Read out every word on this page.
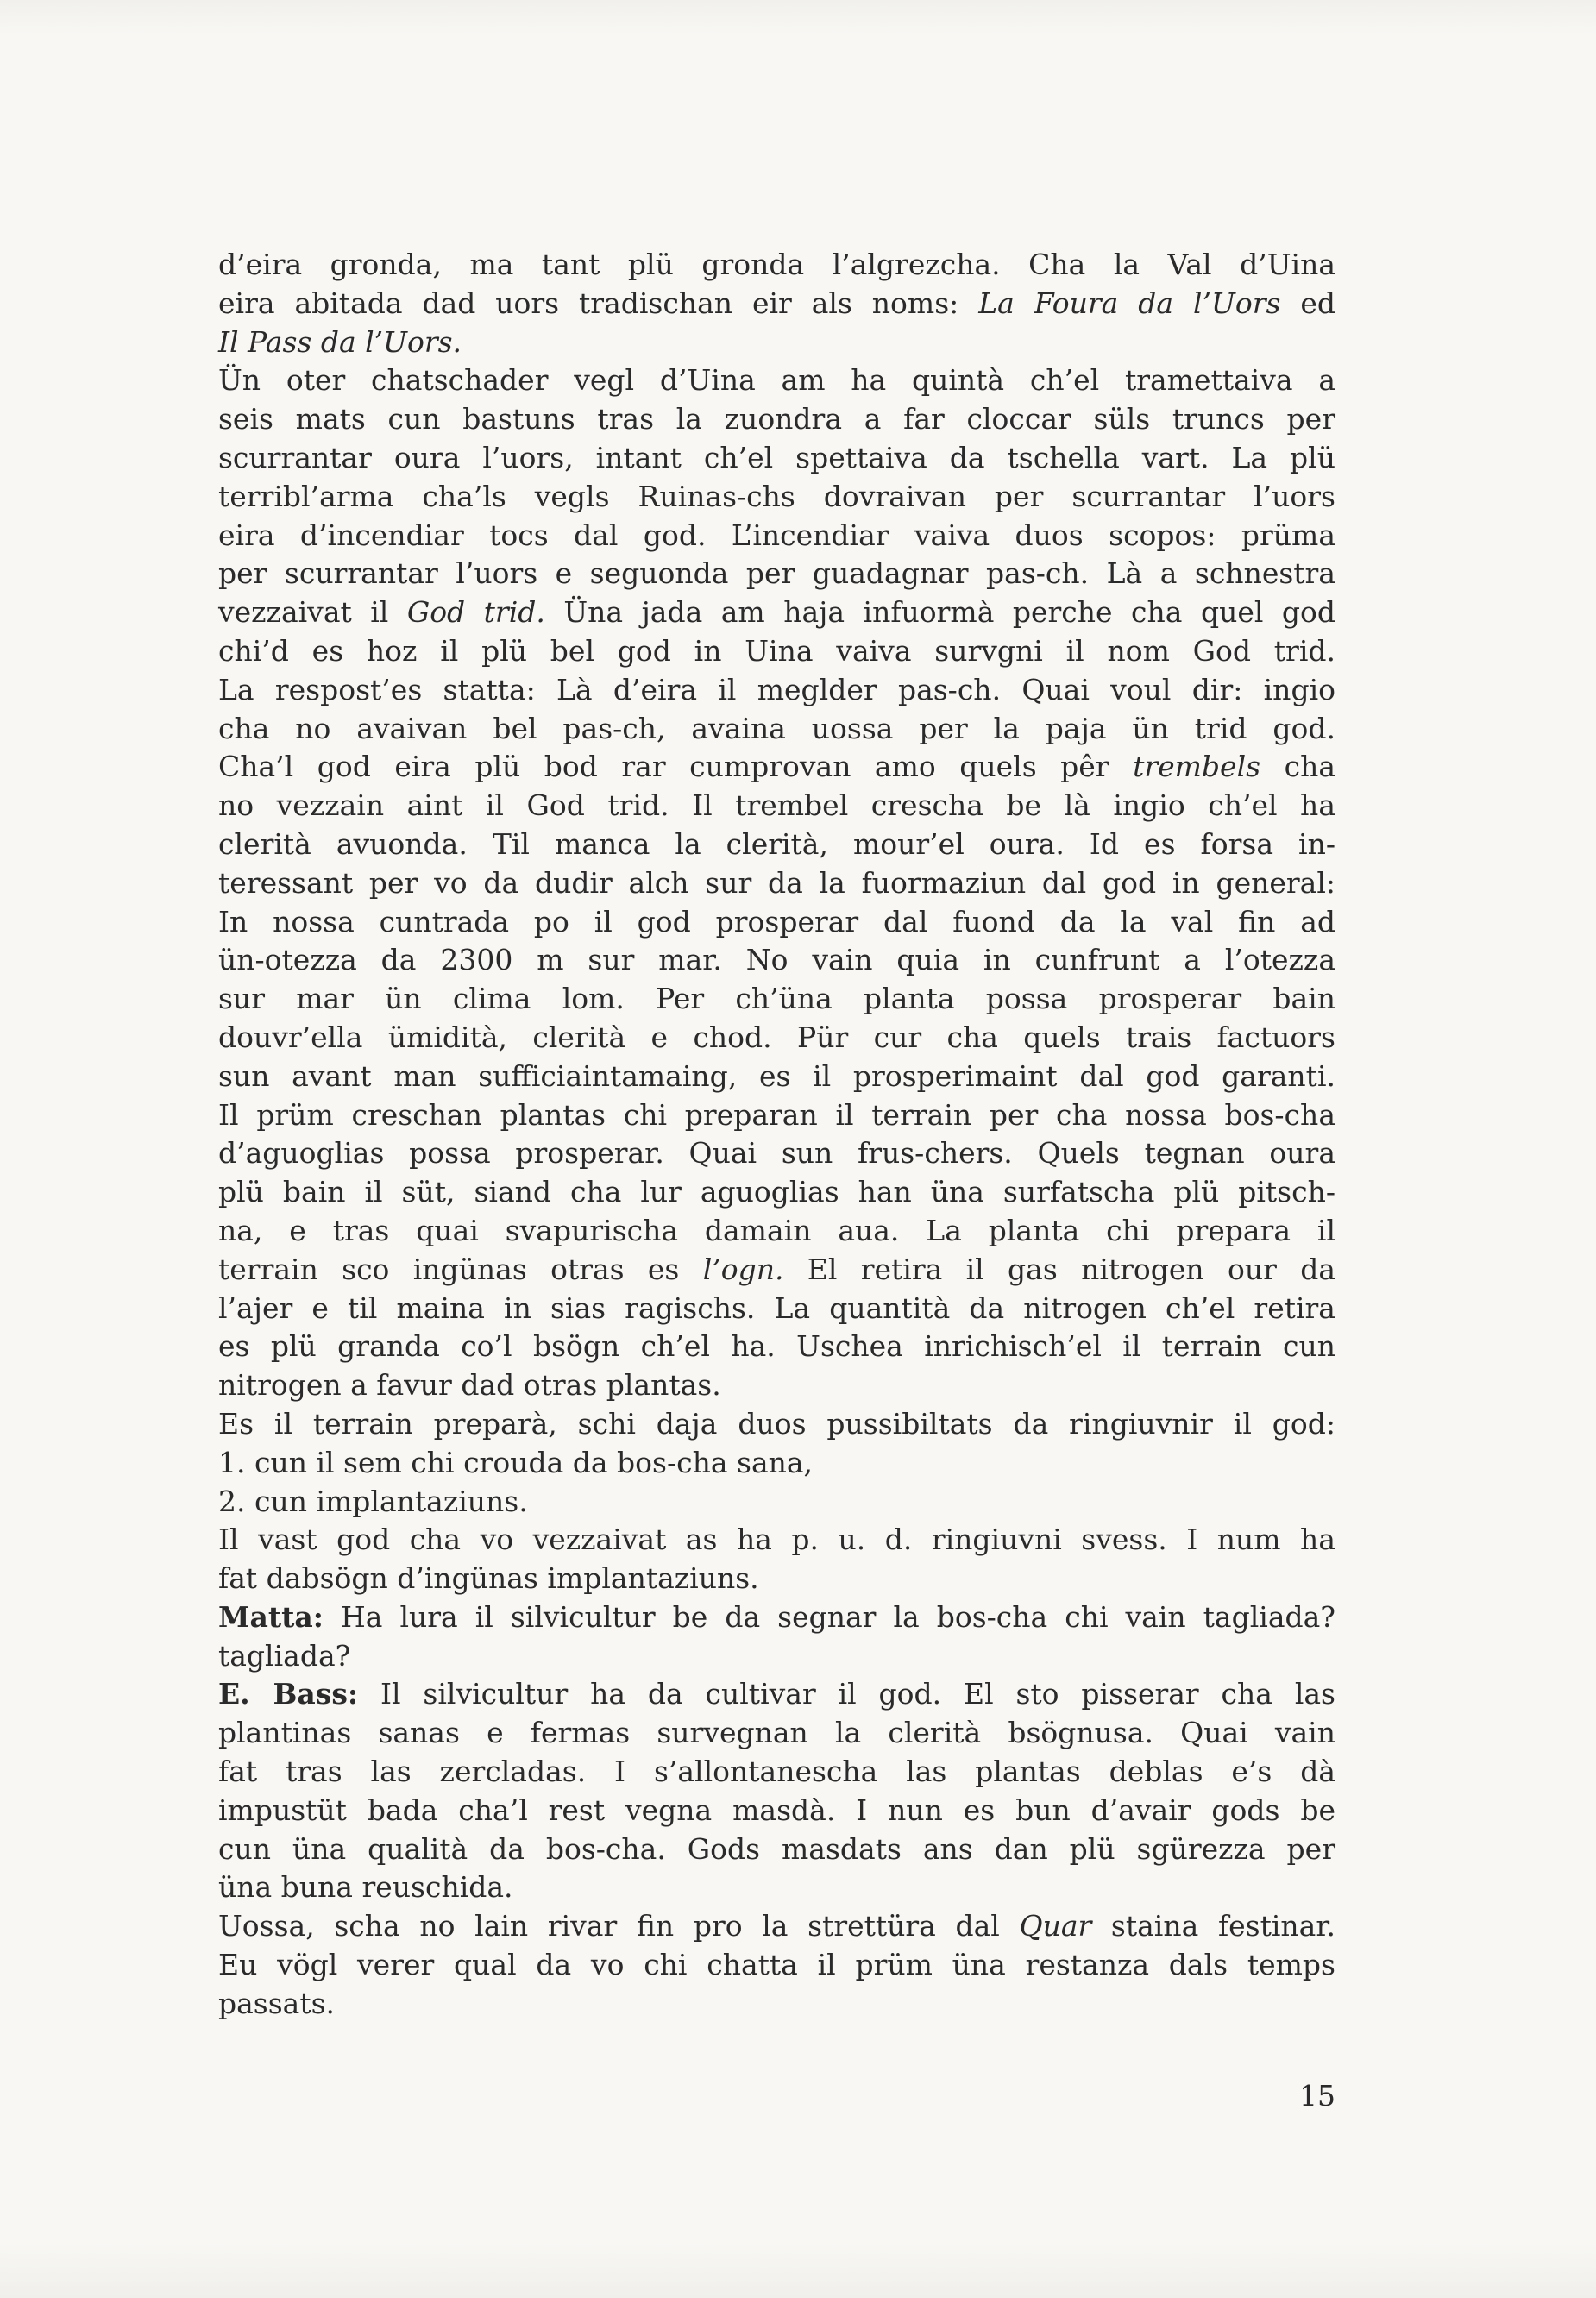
d’eira gronda, ma tant plü gronda l’algrezcha. Cha la Val d’Uina
eira abitada dad uors tradischan eir als noms: La Foura da l’Uors ed
Il Pass da l’Uors.
Ün oter chatschader vegl d’Uina am ha quintà ch’el tramettaiva a
seis mats cun bastuns tras la zuondra a far cloccar süls truncs per
scurrantar oura l’uors, intant ch’el spettaiva da tschella vart. La plü
terribl’arma cha’ls vegls Ruinas-chs dovraivan per scurrantar l’uors
eira d’incendiar tocs dal god. L’incendiar vaiva duos scopos: prüma
per scurrantar l’uors e seguonda per guadagnar pas-ch. Là a schnestra
vezzaivat il God trid. Üna jada am haja infuormà perche cha quel god
chi’d es hoz il plü bel god in Uina vaiva survgni il nom God trid.
La respost’es statta: Là d’eira il meglder pas-ch. Quai voul dir: ingio
cha no avaivan bel pas-ch, avaina uossa per la paja ün trid god.
Cha’l god eira plü bod rar cumprovan amo quels pêr trembels cha
no vezzain aint il God trid. Il trembel crescha be là ingio ch’el ha
clerità avuonda. Til manca la clerità, mour’el oura. Id es forsa in-
teressant per vo da dudir alch sur da la fuormaziun dal god in general:
In nossa cuntrada po il god prosperar dal fuond da la val fin ad
ün-otezza da 2300 m sur mar. No vain quia in cunfrunt a l’otezza
sur mar ün clima lom. Per ch’üna planta possa prosperar bain
douvr’ella ümidità, clerità e chod. Pür cur cha quels trais factuors
sun avant man sufficiaintamaing, es il prosperimaint dal god garanti.
Il prüm creschan plantas chi preparan il terrain per cha nossa bos-cha
d’aguoglias possa prosperar. Quai sun frus-chers. Quels tegnan oura
plü bain il süt, siand cha lur aguoglias han üna surfatscha plü pitsch-
na, e tras quai svapurischa damain aua. La planta chi prepara il
terrain sco ingünas otras es l’ogn. El retira il gas nitrogen our da
l’ajer e til maina in sias ragischs. La quantità da nitrogen ch’el retira
es plü granda co’l bsögn ch’el ha. Uschea inrichisch’el il terrain cun
nitrogen a favur dad otras plantas.
Es il terrain preparà, schi daja duos pussibiltats da ringiuvnir il god:
1. cun il sem chi crouda da bos-cha sana,
2. cun implantaziuns.
Il vast god cha vo vezzaivat as ha p. u. d. ringiuvni svess. I num ha
fat dabsögn d’ingünas implantaziuns.
Matta: Ha lura il silvicultur be da segnar la bos-cha chi vain tagliada?
tagliada?
E. Bass: Il silvicultur ha da cultivar il god. El sto pisserar cha las
plantinas sanas e fermas survegnan la clerità bsögnusa. Quai vain
fat tras las zercladas. I s’allontanescha las plantas deblas e’s dà
impustüt bada cha’l rest vegna masdà. I nun es bun d’avair gods be
cun üna qualità da bos-cha. Gods masdats ans dan plü sgürezza per
üna buna reuschida.
Uossa, scha no lain rivar fin pro la strettüra dal Quar staina festinar.
Eu vögl verer qual da vo chi chatta il prüm üna restanza dals temps
passats.
15
